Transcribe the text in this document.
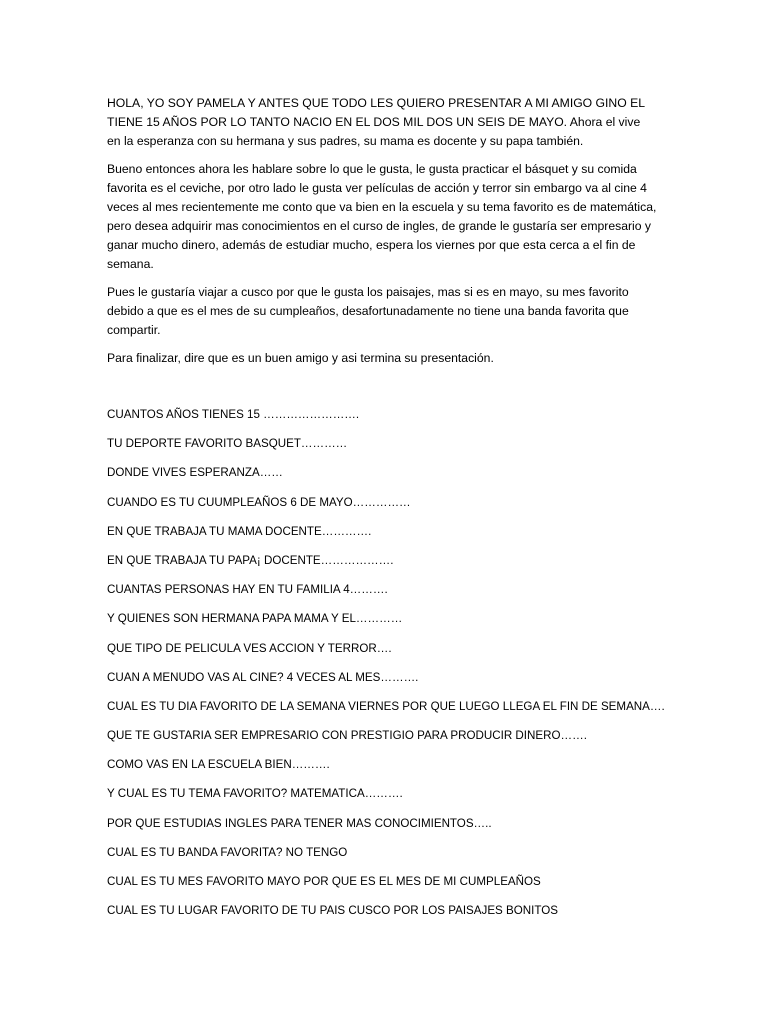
HOLA, YO SOY PAMELA Y ANTES QUE TODO LES QUIERO PRESENTAR A MI AMIGO GINO EL TIENE 15 AÑOS POR LO TANTO NACIO EN EL DOS MIL DOS UN SEIS DE MAYO. Ahora el vive en la esperanza con su hermana y sus padres, su mama es docente y su papa también.

Bueno entonces ahora les hablare sobre lo que le gusta, le gusta practicar el básquet y su comida favorita es el ceviche, por otro lado le gusta ver películas de acción y terror sin embargo va al cine 4 veces al mes recientemente me conto que va bien en la escuela y su tema favorito es de matemática, pero desea adquirir mas conocimientos en el curso de ingles, de grande le gustaría ser empresario y ganar mucho dinero, además de estudiar mucho, espera los viernes por que esta cerca a el fin de semana.

Pues le gustaría viajar a cusco por que le gusta los paisajes, mas si es en mayo, su mes favorito debido a que es el mes de su cumpleaños, desafortunadamente no tiene una banda favorita que compartir.

Para finalizar, dire que es un buen amigo y asi termina su presentación.

CUANTOS AÑOS TIENES 15 …………………….

TU DEPORTE FAVORITO BASQUET…………

DONDE VIVES ESPERANZA……

CUANDO ES TU CUUMPLEAÑOS 6 DE MAYO……………

EN QUE TRABAJA TU MAMA DOCENTE………….

EN QUE TRABAJA TU PAPA¡ DOCENTE……………….

CUANTAS PERSONAS HAY EN TU FAMILIA 4……….

Y QUIENES SON HERMANA PAPA MAMA Y EL…………

QUE TIPO DE PELICULA VES ACCION Y TERROR….

CUAN A MENUDO VAS AL CINE? 4 VECES AL MES……….

CUAL ES TU DIA FAVORITO DE LA SEMANA VIERNES POR QUE LUEGO LLEGA EL FIN DE SEMANA….

QUE TE GUSTARIA SER EMPRESARIO CON PRESTIGIO PARA PRODUCIR DINERO…….

COMO VAS EN LA ESCUELA BIEN……….

Y CUAL ES TU TEMA FAVORITO? MATEMATICA……….

POR QUE ESTUDIAS INGLES PARA TENER MAS CONOCIMIENTOS…..

CUAL ES TU BANDA FAVORITA? NO TENGO

CUAL ES TU MES FAVORITO MAYO POR QUE ES EL MES DE MI CUMPLEAÑOS

CUAL ES TU LUGAR FAVORITO DE TU PAIS CUSCO POR LOS PAISAJES BONITOS
